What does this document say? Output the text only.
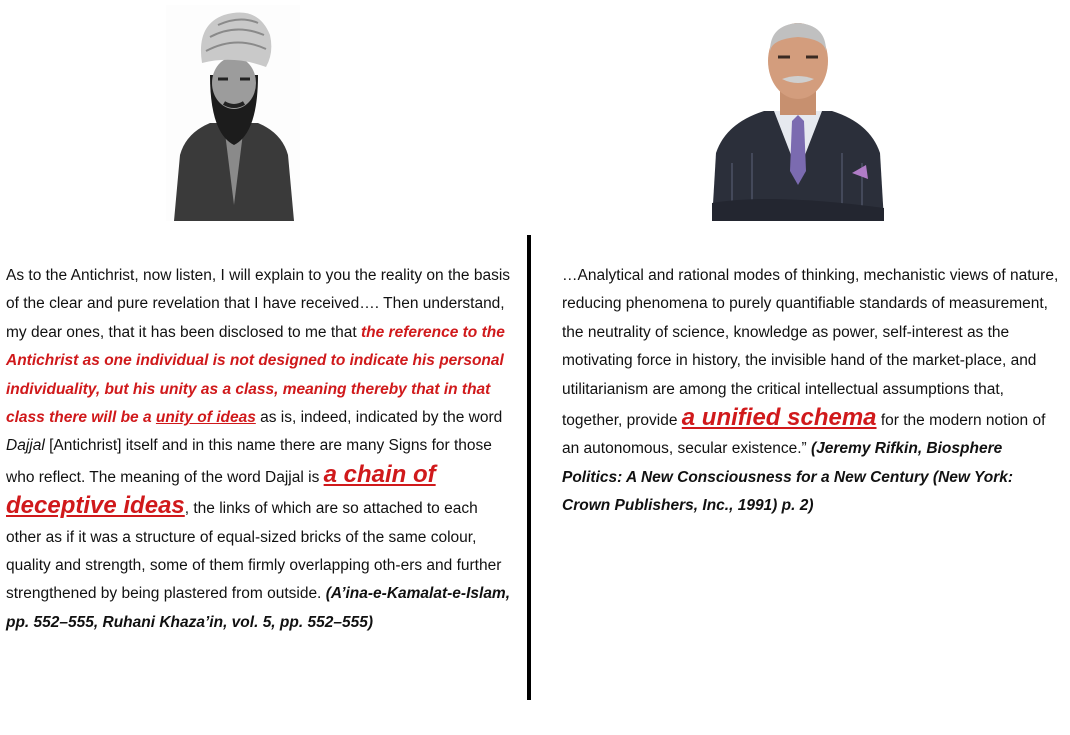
As to the Antichrist, now listen, I will explain to you the reality on the basis of the clear and pure revelation that I have received…. Then understand, my dear ones, that it has been disclosed to me that the reference to the Antichrist as one individual is not designed to indicate his personal individuality, but his unity as a class, meaning thereby that in that class there will be a unity of ideas as is, indeed, indicated by the word Dajjal [Antichrist] itself and in this name there are many Signs for those who reflect. The meaning of the word Dajjal is a chain of deceptive ideas, the links of which are so attached to each other as if it was a structure of equal-sized bricks of the same colour, quality and strength, some of them firmly overlapping oth-ers and further strengthened by being plastered from outside. (A’ina-e-Kamalat-e-Islam, pp. 552–555, Ruhani Khaza’in, vol. 5, pp. 552–555)
…Analytical and rational modes of thinking, mechanistic views of nature, reducing phenomena to purely quantifiable standards of measurement, the neutrality of science, knowledge as power, self-interest as the motivating force in history, the invisible hand of the market-place, and utilitarianism are among the critical intellectual assumptions that, together, provide a unified schema for the modern notion of an autonomous, secular existence.” (Jeremy Rifkin, Biosphere Politics: A New Consciousness for a New Century (New York: Crown Publishers, Inc., 1991) p. 2)
